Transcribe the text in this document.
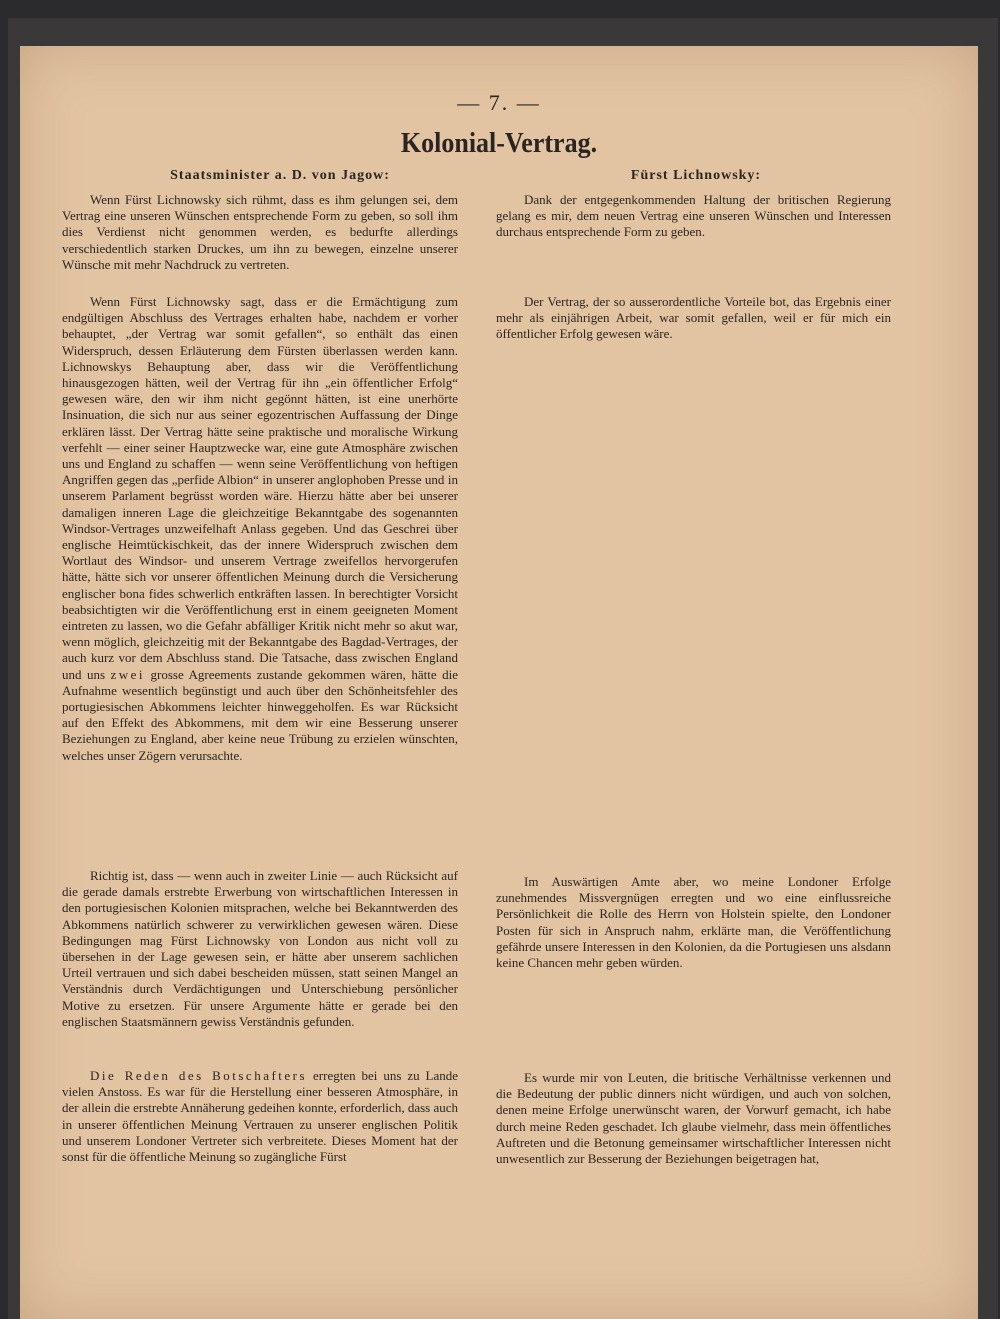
— 7. —
Kolonial-Vertrag.
Staatsminister a. D. von Jagow:	Fürst Lichnowsky:
Wenn Fürst Lichnowsky sich rühmt, dass es ihm gelungen sei, dem Vertrag eine unseren Wünschen entsprechende Form zu geben, so soll ihm dies Verdienst nicht genommen werden, es bedurfte allerdings verschiedentlich starken Druckes, um ihn zu bewegen, einzelne unserer Wünsche mit mehr Nachdruck zu vertreten.
Wenn Fürst Lichnowsky sagt, dass er die Ermächtigung zum endgültigen Abschluss des Vertrages erhalten habe, nachdem er vorher behauptet, „der Vertrag war somit gefallen“, so enthält das einen Widerspruch, dessen Erläuterung dem Fürsten überlassen werden kann. Lichnowskys Behauptung aber, dass wir die Veröffentlichung hinausgezogen hätten, weil der Vertrag für ihn „ein öffentlicher Erfolg“ gewesen wäre, den wir ihm nicht gegönnt hätten, ist eine unerhörte Insinuation, die sich nur aus seiner egozentrischen Auffassung der Dinge erklären lässt. Der Vertrag hätte seine praktische und moralische Wirkung verfehlt — einer seiner Hauptzwecke war, eine gute Atmosphäre zwischen uns und England zu schaffen — wenn seine Veröffentlichung von heftigen Angriffen gegen das „perfide Albion“ in unserer anglophoben Presse und in unserem Parlament begrüsst worden wäre. Hierzu hätte aber bei unserer damaligen inneren Lage die gleichzeitige Bekanntgabe des sogenannten Windsor-Vertrages unzweifelhaft Anlass gegeben. Und das Geschrei über englische Heimtückischkeit, das der innere Widerspruch zwischen dem Wortlaut des Windsor- und unserem Vertrage zweifellos hervorgerufen hätte, hätte sich vor unserer öffentlichen Meinung durch die Versicherung englischer bona fides schwerlich entkräften lassen. In berechtigter Vorsicht beabsichtigten wir die Veröffentlichung erst in einem geeigneten Moment eintreten zu lassen, wo die Gefahr abfälliger Kritik nicht mehr so akut war, wenn möglich, gleichzeitig mit der Bekanntgabe des Bagdad-Vertrages, der auch kurz vor dem Abschluss stand. Die Tatsache, dass zwischen England und uns zwei grosse Agreements zustande gekommen wären, hätte die Aufnahme wesentlich begünstigt und auch über den Schönheitsfehler des portugiesischen Abkommens leichter hinweggeholfen. Es war Rücksicht auf den Effekt des Abkommens, mit dem wir eine Besserung unserer Beziehungen zu England, aber keine neue Trübung zu erzielen wünschten, welches unser Zögern verursachte.
Richtig ist, dass — wenn auch in zweiter Linie — auch Rücksicht auf die gerade damals erstrebte Erwerbung von wirtschaftlichen Interessen in den portugiesischen Kolonien mitsprachen, welche bei Bekanntwerden des Abkommens natürlich schwerer zu verwirklichen gewesen wären. Diese Bedingungen mag Fürst Lichnowsky von London aus nicht voll zu übersehen in der Lage gewesen sein, er hätte aber unserem sachlichen Urteil vertrauen und sich dabei bescheiden müssen, statt seinen Mangel an Verständnis durch Verdächtigungen und Unterschiebung persönlicher Motive zu ersetzen. Für unsere Argumente hätte er gerade bei den englischen Staatsmännern gewiss Verständnis gefunden.
Die Reden des Botschafters erregten bei uns zu Lande vielen Anstoss. Es war für die Herstellung einer besseren Atmosphäre, in der allein die erstrebte Annäherung gedeihen konnte, erforderlich, dass auch in unserer öffentlichen Meinung Vertrauen zu unserer englischen Politik und unserem Londoner Vertreter sich verbreitete. Dieses Moment hat der sonst für die öffentliche Meinung so zugängliche Fürst
Dank der entgegenkommenden Haltung der britischen Regierung gelang es mir, dem neuen Vertrag eine unseren Wünschen und Interessen durchaus entsprechende Form zu geben.
Der Vertrag, der so ausserordentliche Vorteile bot, das Ergebnis einer mehr als einjährigen Arbeit, war somit gefallen, weil er für mich ein öffentlicher Erfolg gewesen wäre.
Im Auswärtigen Amte aber, wo meine Londoner Erfolge zunehmendes Missvergnügen erregten und wo eine einflussreiche Persönlichkeit die Rolle des Herrn von Holstein spielte, den Londoner Posten für sich in Anspruch nahm, erklärte man, die Veröffentlichung gefährde unsere Interessen in den Kolonien, da die Portugiesen uns alsdann keine Chancen mehr geben würden.
Es wurde mir von Leuten, die britische Verhältnisse verkennen und die Bedeutung der public dinners nicht würdigen, und auch von solchen, denen meine Erfolge unerwünscht waren, der Vorwurf gemacht, ich habe durch meine Reden geschadet. Ich glaube vielmehr, dass mein öffentliches Auftreten und die Betonung gemeinsamer wirtschaftlicher Interessen nicht unwesentlich zur Besserung der Beziehungen beigetragen hat,
